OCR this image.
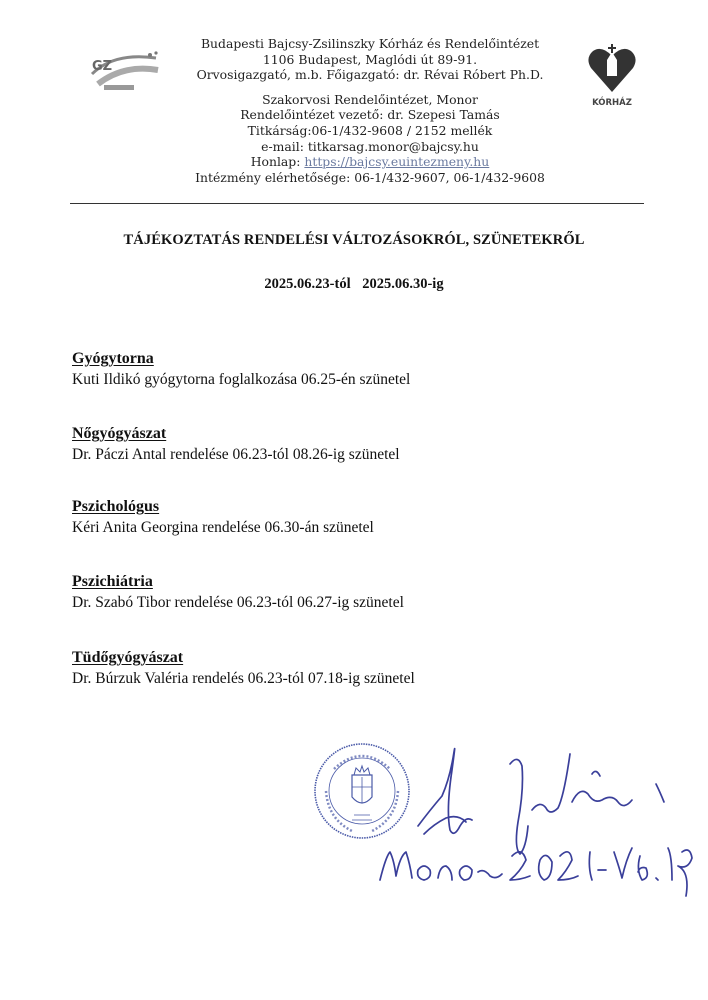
GZ
Budapesti Bajcsy-Zsilinszky Kórház és Rendelőintézet
1106 Budapest, Maglódi út 89-91.
Orvosigazgató, m.b. Főigazgató: dr. Révai Róbert Ph.D.
Szakorvosi Rendelőintézet, Monor
Rendelőintézet vezető: dr. Szepesi Tamás
Titkárság:06-1/432-9608 / 2152 mellék
e-mail: titkarsag.monor@bajcsy.hu
Honlap: https://bajcsy.euintezmeny.hu
Intézmény elérhetősége: 06-1/432-9607, 06-1/432-9608
KÓRHÁZ
TÁJÉKOZTATÁS RENDELÉSI VÁLTOZÁSOKRÓL, SZÜNETEKRŐL
2025.06.23-tól 2025.06.30-ig
Gyógytorna
Kuti Ildikó gyógytorna foglalkozása 06.25-én szünetel
Nőgyógyászat
Dr. Páczi Antal rendelése 06.23-tól 08.26-ig szünetel
Pszichológus
Kéri Anita Georgina rendelése 06.30-án szünetel
Pszichiátria
Dr. Szabó Tibor rendelése 06.23-tól 06.27-ig szünetel
Tüdőgyógyászat
Dr. Búrzuk Valéria rendelés 06.23-tól 07.18-ig szünetel
